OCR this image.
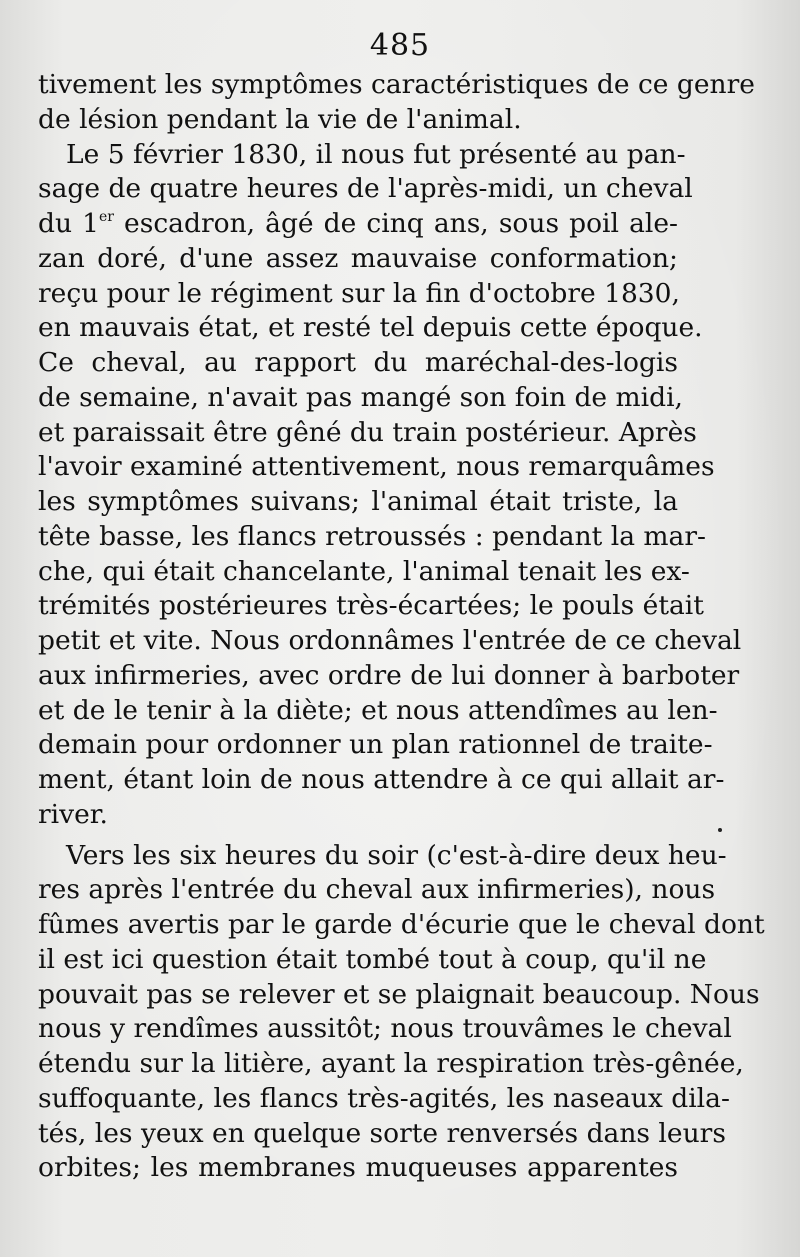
485
tivement les symptômes caractéristiques de ce genre
de lésion pendant la vie de l'animal.
Le 5 février 1830, il nous fut présenté au pan-
sage de quatre heures de l'après-midi, un cheval
du 1er escadron, âgé de cinq ans, sous poil ale-
zan doré, d'une assez mauvaise conformation;
reçu pour le régiment sur la fin d'octobre 1830,
en mauvais état, et resté tel depuis cette époque.
Ce cheval, au rapport du maréchal-des-logis
de semaine, n'avait pas mangé son foin de midi,
et paraissait être gêné du train postérieur. Après
l'avoir examiné attentivement, nous remarquâmes
les symptômes suivans; l'animal était triste, la
tête basse, les flancs retroussés : pendant la mar-
che, qui était chancelante, l'animal tenait les ex-
trémités postérieures très-écartées; le pouls était
petit et vite. Nous ordonnâmes l'entrée de ce cheval
aux infirmeries, avec ordre de lui donner à barboter
et de le tenir à la diète; et nous attendîmes au len-
demain pour ordonner un plan rationnel de traite-
ment, étant loin de nous attendre à ce qui allait ar-
river.
Vers les six heures du soir (c'est-à-dire deux heu-
res après l'entrée du cheval aux infirmeries), nous
fûmes avertis par le garde d'écurie que le cheval dont
il est ici question était tombé tout à coup, qu'il ne
pouvait pas se relever et se plaignait beaucoup. Nous
nous y rendîmes aussitôt; nous trouvâmes le cheval
étendu sur la litière, ayant la respiration très-gênée,
suffoquante, les flancs très-agités, les naseaux dila-
tés, les yeux en quelque sorte renversés dans leurs
orbites; les membranes muqueuses apparentes
